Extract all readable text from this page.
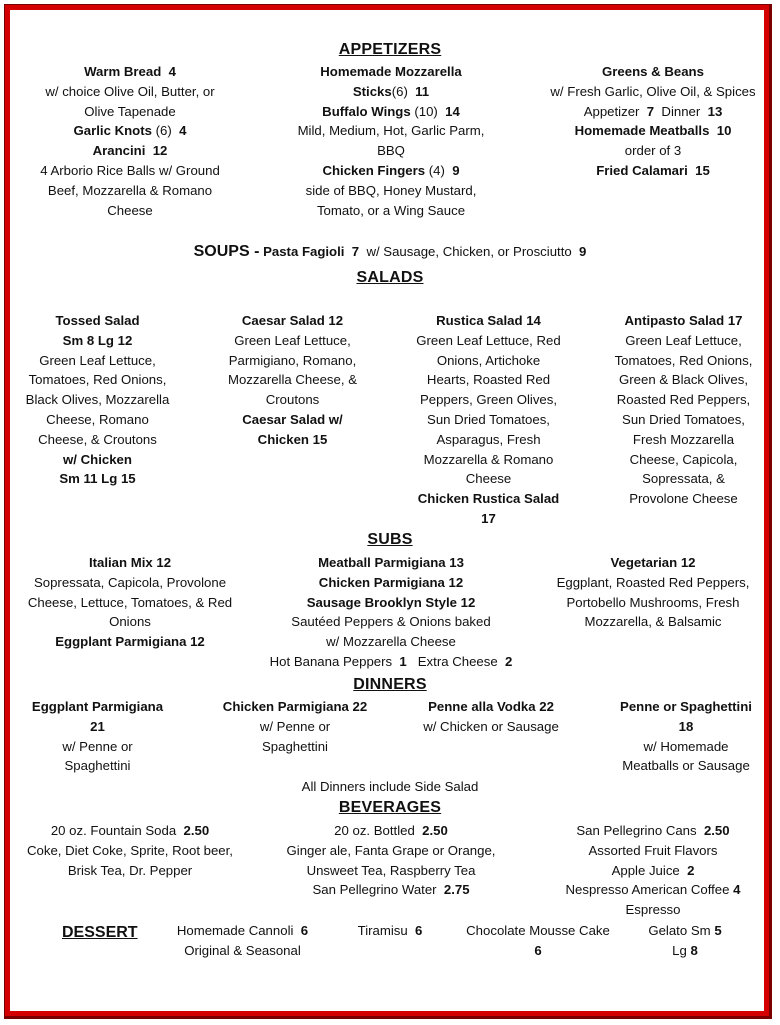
APPETIZERS
Warm Bread 4
w/ choice Olive Oil, Butter, or
Olive Tapenade
Garlic Knots (6) 4
Arancini 12
4 Arborio Rice Balls w/ Ground
Beef, Mozzarella & Romano
Cheese
Homemade Mozzarella
Sticks(6) 11
Buffalo Wings (10) 14
Mild, Medium, Hot, Garlic Parm,
BBQ
Chicken Fingers (4) 9
side of BBQ, Honey Mustard,
Tomato, or a Wing Sauce
Greens & Beans
w/ Fresh Garlic, Olive Oil, & Spices
Appetizer 7 Dinner 13
Homemade Meatballs 10
order of 3
Fried Calamari 15
SOUPS - Pasta Fagioli 7 w/ Sausage, Chicken, or Prosciutto 9
SALADS
Tossed Salad
Sm 8 Lg 12
Green Leaf Lettuce,
Tomatoes, Red Onions,
Black Olives, Mozzarella
Cheese, Romano
Cheese, & Croutons
w/ Chicken
Sm 11 Lg 15
Caesar Salad 12
Green Leaf Lettuce,
Parmigiano, Romano,
Mozzarella Cheese, &
Croutons
Caesar Salad w/
Chicken 15
Rustica Salad 14
Green Leaf Lettuce, Red
Onions, Artichoke
Hearts, Roasted Red
Peppers, Green Olives,
Sun Dried Tomatoes,
Asparagus, Fresh
Mozzarella & Romano
Cheese
Chicken Rustica Salad
17
Antipasto Salad 17
Green Leaf Lettuce,
Tomatoes, Red Onions,
Green & Black Olives,
Roasted Red Peppers,
Sun Dried Tomatoes,
Fresh Mozzarella
Cheese, Capicola,
Sopressata, &
Provolone Cheese
SUBS
Italian Mix 12
Sopressata, Capicola, Provolone
Cheese, Lettuce, Tomatoes, & Red
Onions
Eggplant Parmigiana 12
Meatball Parmigiana 13
Chicken Parmigiana 12
Sausage Brooklyn Style 12
Sautéed Peppers & Onions baked
w/ Mozzarella Cheese
Hot Banana Peppers 1 Extra Cheese 2
Vegetarian 12
Eggplant, Roasted Red Peppers,
Portobello Mushrooms, Fresh
Mozzarella, & Balsamic
DINNERS
Eggplant Parmigiana
21
w/ Penne or
Spaghettini
Chicken Parmigiana 22
w/ Penne or
Spaghettini
Penne alla Vodka 22
w/ Chicken or Sausage
Penne or Spaghettini
18
w/ Homemade
Meatballs or Sausage
All Dinners include Side Salad
BEVERAGES
20 oz. Fountain Soda 2.50
Coke, Diet Coke, Sprite, Root beer,
Brisk Tea, Dr. Pepper
20 oz. Bottled 2.50
Ginger ale, Fanta Grape or Orange,
Unsweet Tea, Raspberry Tea
San Pellegrino Water 2.75
San Pellegrino Cans 2.50
Assorted Fruit Flavors
Apple Juice 2
Nespresso American Coffee 4
Espresso
DESSERT	Homemade Cannoli 6
Original & Seasonal
Tiramisu 6	Chocolate Mousse Cake
6
Gelato Sm 5
Lg 8
